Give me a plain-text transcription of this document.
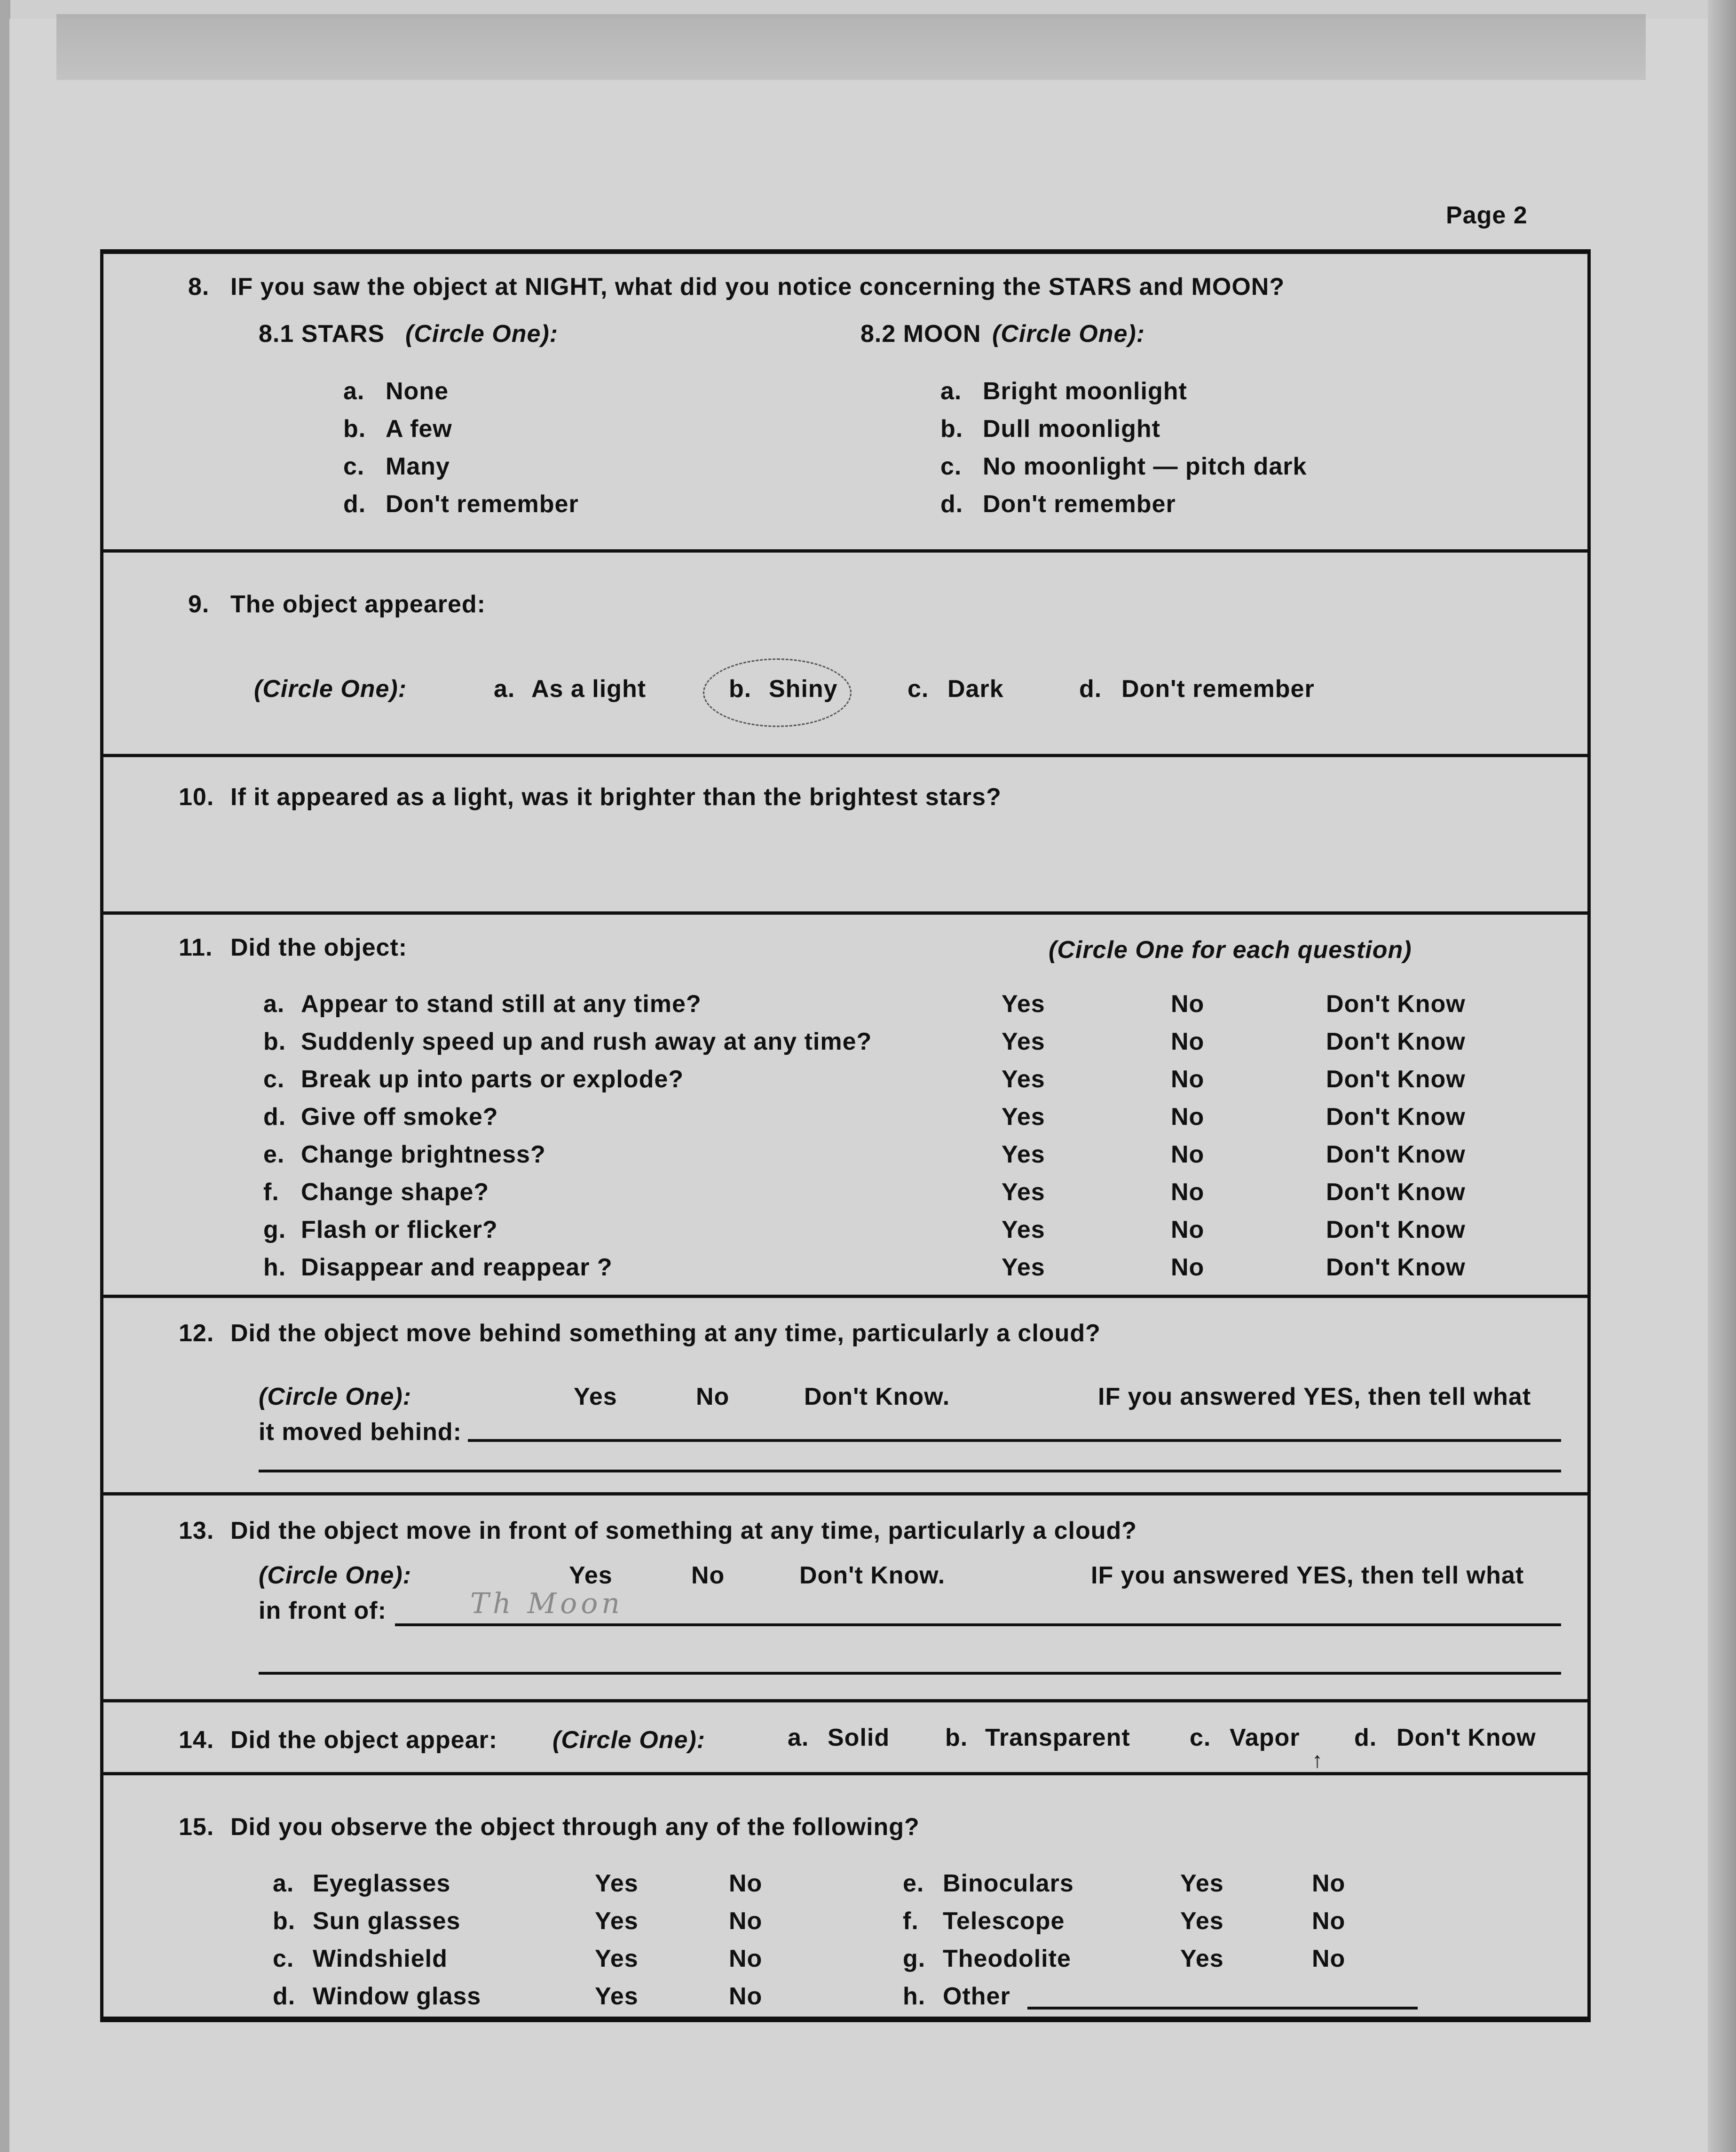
Page 2
8. IF you saw the object at NIGHT, what did you notice concerning the STARS and MOON?
8.1 STARS (Circle One):	(Circle One):
8.2 MOON
a. None
b. A few
c. Many
d. Don't remember
a. Bright moonlight
b. Dull moonlight
c. No moonlight — pitch dark
d. Don't remember
9. The object appeared:
(Circle One):	a. As a light	b. Shiny	c. Dark	d. Don't remember
10. If it appeared as a light, was it brighter than the brightest stars?
11. Did the object:	(Circle One for each question)
a. Appear to stand still at any time?	Yes	No	Don't Know
b. Suddenly speed up and rush away at any time?	Yes	No	Don't Know
c. Break up into parts or explode?	Yes	No	Don't Know
d. Give off smoke?	Yes	No	Don't Know
e. Change brightness?	Yes	No	Don't Know
f. Change shape?	Yes	No	Don't Know
g. Flash or flicker?	Yes	No	Don't Know
h. Disappear and reappear ?	Yes	No	Don't Know
12. Did the object move behind something at any time, particularly a cloud?
(Circle One):	Yes	No	Don't Know.	IF you answered YES, then tell what
it moved behind:
13. Did the object move in front of something at any time, particularly a cloud?
(Circle One):	Yes	No	Don't Know.	IF you answered YES, then tell what
in front of:	Th Moon
14. Did the object appear: (Circle One):	a. Solid b. Transparent c. Vapor
↑
d. Don't Know
15. Did you observe the object through any of the following?
a. Eyeglasses	Yes	No	e. Binoculars	Yes	No
b. Sun glasses	Yes	No	f. Telescope	Yes	No
c. Windshield	Yes	No	g. Theodolite	Yes	No
d. Window glass	Yes	No	h. Other
